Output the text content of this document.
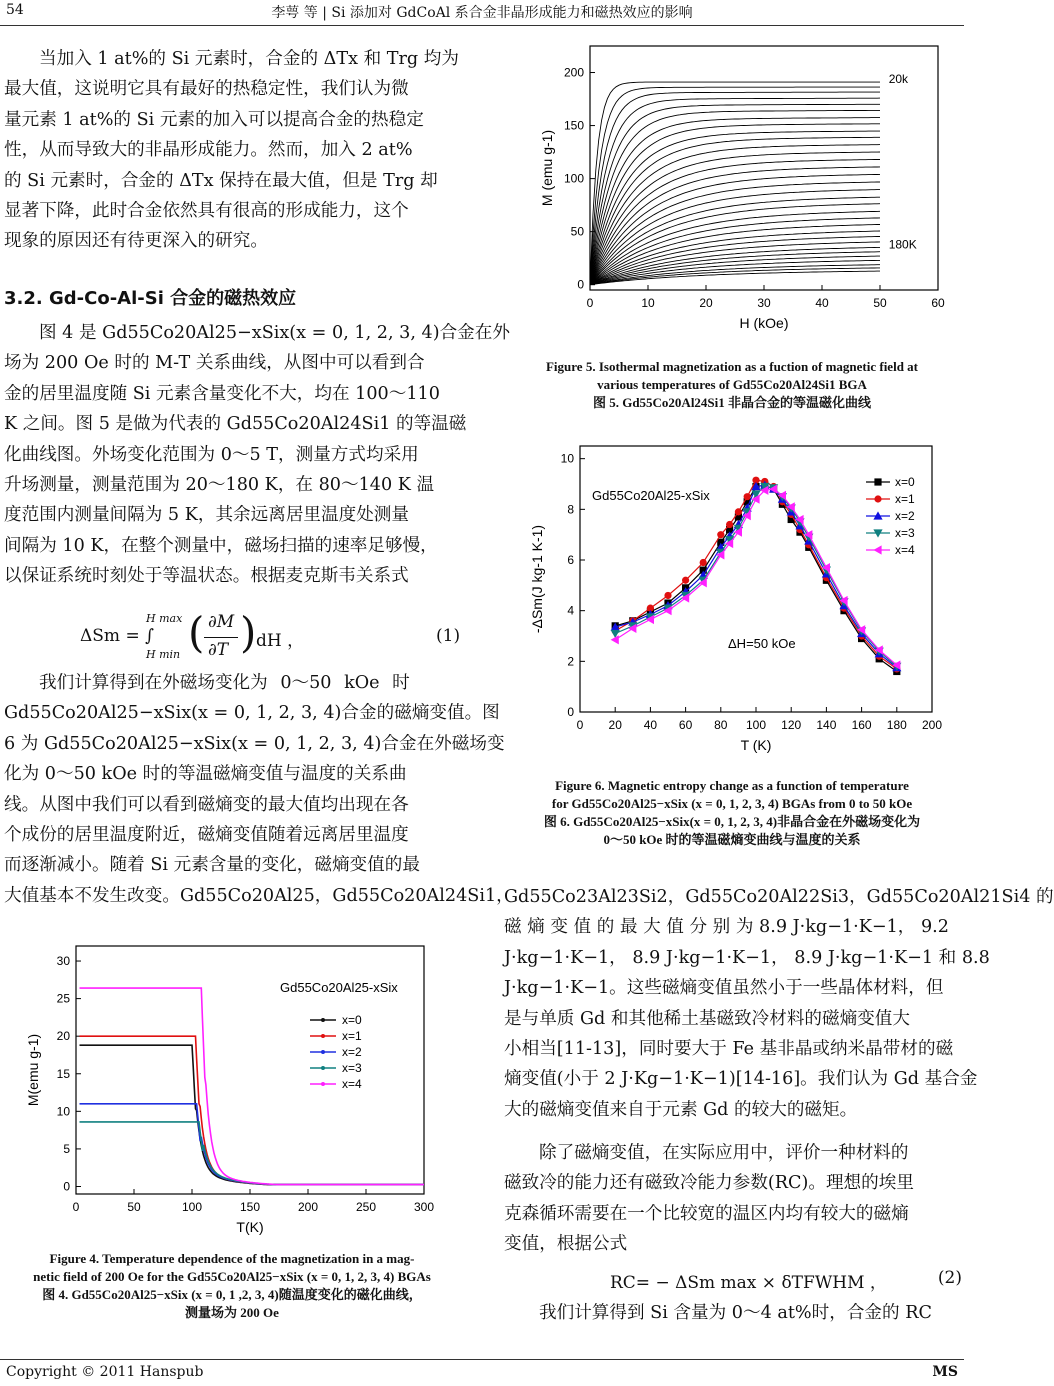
54	李萼 等 | Si 添加对 GdCoAl 系合金非晶形成能力和磁热效应的影响
当加入 1 at%的 Si 元素时，合金的 ΔTx 和 Trg 均为
最大值，这说明它具有最好的热稳定性，我们认为微
量元素 1 at%的 Si 元素的加入可以提高合金的热稳定
性，从而导致大的非晶形成能力。然而，加入 2 at%
的 Si 元素时，合金的 ΔTx 保持在最大值，但是 Trg 却
显著下降，此时合金依然具有很高的形成能力，这个
现象的原因还有待更深入的研究。
3.2. Gd-Co-Al-Si 合金的磁热效应
图 4 是 Gd55Co20Al25−xSix(x = 0, 1, 2, 3, 4)合金在外
场为 200 Oe 时的 M-T 关系曲线，从图中可以看到合
金的居里温度随 Si 元素含量变化不大，均在 100～110
K 之间。图 5 是做为代表的 Gd55Co20Al24Si1 的等温磁
化曲线图。外场变化范围为 0～5 T，测量方式均采用
升场测量，测量范围为 20～180 K，在 80～140 K 温
度范围内测量间隔为 5 K，其余远离居里温度处测量
间隔为 10 K，在整个测量中，磁场扫描的速率足够慢，
以保证系统时刻处于等温状态。根据麦克斯韦关系式
ΔSm = ∫
H max
H min ( ∂M
∂T ) dH ，	(1)
我们计算得到在外磁场变化为 0～50 kOe 时
Gd55Co20Al25−xSix(x = 0, 1, 2, 3, 4)合金的磁熵变值。图
6 为 Gd55Co20Al25−xSix(x = 0, 1, 2, 3, 4)合金在外磁场变
化为 0～50 kOe 时的等温磁熵变值与温度的关系曲
线。从图中我们可以看到磁熵变的最大值均出现在各
个成份的居里温度附近，磁熵变值随着远离居里温度
而逐渐减小。随着 Si 元素含量的变化，磁熵变值的最
大值基本不发生改变。Gd55Co20Al25，Gd55Co20Al24Si1，
0	50	100	150	200	250	300
0
5
10
15
20
25
30
T(K)
M(emu g-1)
x=0
x=1
x=2
x=3
x=4
Gd55Co20Al25-xSix
Figure 4. Temperature dependence of the magnetization in a mag-
netic field of 200 Oe for the Gd55Co20Al25−xSix (x = 0, 1, 2, 3, 4) BGAs
图 4. Gd55Co20Al25−xSix (x = 0, 1 ,2, 3, 4)随温度变化的磁化曲线，
测量场为 200 Oe
0	10	20	30	40	50	60
0
50
100
150
200
H (kOe)
M (emu g-1)
20k
180K
Figure 5. Isothermal magnetization as a fuction of magnetic field at
various temperatures of Gd55Co20Al24Si1 BGA
图 5. Gd55Co20Al24Si1 非晶合金的等温磁化曲线
0 20 40 60 80 100 120 140 160 180 200
0
2
4
6
8
10
T (K)
-ΔSm(J kg-1 K-1)
x=0
x=1
x=2
x=3
x=4
Gd55Co20Al25-xSix
ΔH=50 kOe
Figure 6. Magnetic entropy change as a function of temperature
for Gd55Co20Al25−xSix (x = 0, 1, 2, 3, 4) BGAs from 0 to 50 kOe
图 6. Gd55Co20Al25−xSix(x = 0, 1, 2, 3, 4)非晶合金在外磁场变化为
0～50 kOe 时的等温磁熵变曲线与温度的关系
Gd55Co23Al23Si2，Gd55Co20Al22Si3，Gd55Co20Al21Si4 的
磁 熵 变 值 的 最 大 值 分 别 为 8.9 J·kg−1·K−1， 9.2
J·kg−1·K−1， 8.9 J·kg−1·K−1， 8.9 J·kg−1·K−1 和 8.8
J·kg−1·K−1。这些磁熵变值虽然小于一些晶体材料，但
是与单质 Gd 和其他稀土基磁致冷材料的磁熵变值大
小相当[11-13]，同时要大于 Fe 基非晶或纳米晶带材的磁
熵变值(小于 2 J·Kg−1·K−1)[14-16]。我们认为 Gd 基合金
大的磁熵变值来自于元素 Gd 的较大的磁矩。
除了磁熵变值，在实际应用中，评价一种材料的
磁致冷的能力还有磁致冷能力参数(RC)。理想的埃里
克森循环需要在一个比较宽的温区内均有较大的磁熵
变值，根据公式
RC= − ΔSm max × δTFWHM ，	(2)
我们计算得到 Si 含量为 0～4 at%时，合金的 RC
Copyright © 2011 Hanspub	MS
